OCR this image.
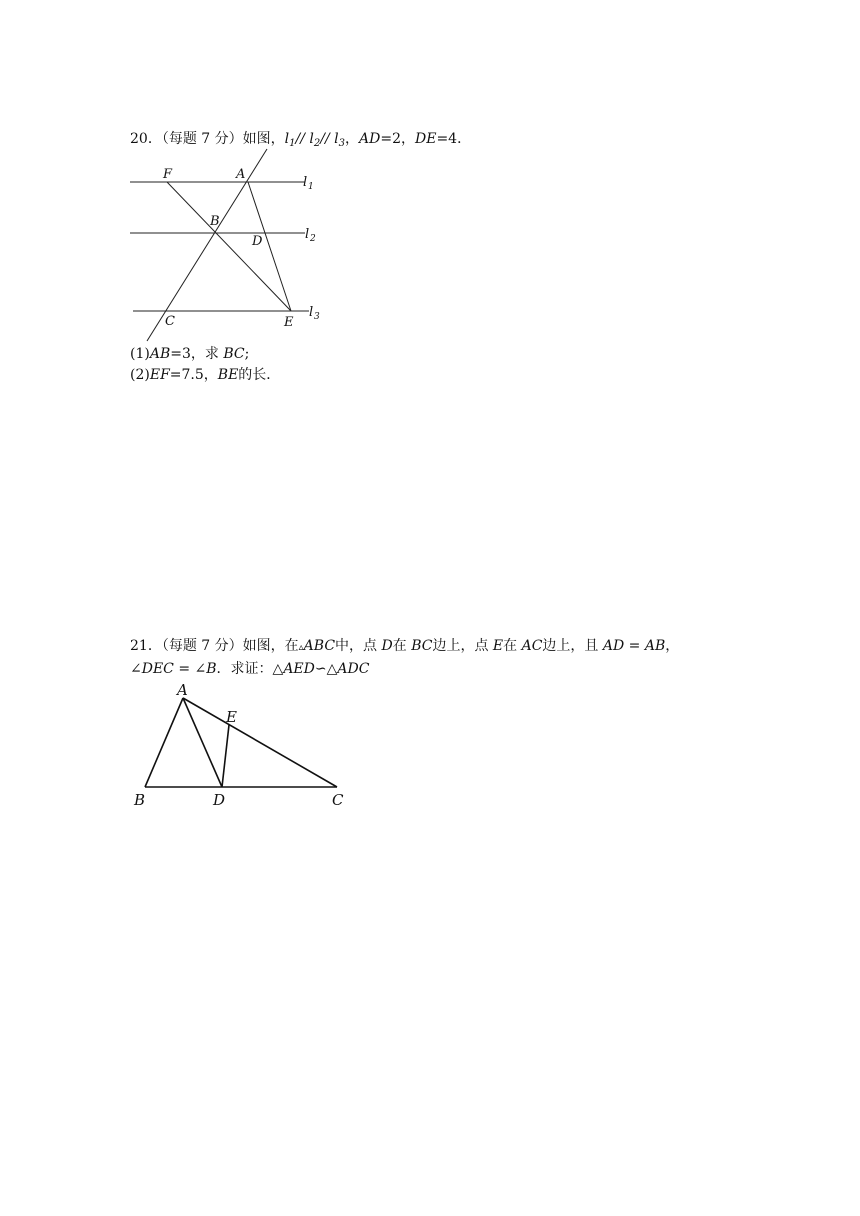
20．（每题 7 分）如图，$l_1//$ $l_2//$ $l_3$，AD=2，DE=4．
F	A
l 1
B
D	l 2
C	E
l 3
(1)AB=3，求 BC;
(2)EF=7.5，BE的长．
21．（每题 7 分）如图，在▵ABC中，点 D在 BC边上，点 E在 AC边上，且 AD = AB，
∠DEC = ∠B．求证：△AED∽△ADC
A
E
B	D	C
